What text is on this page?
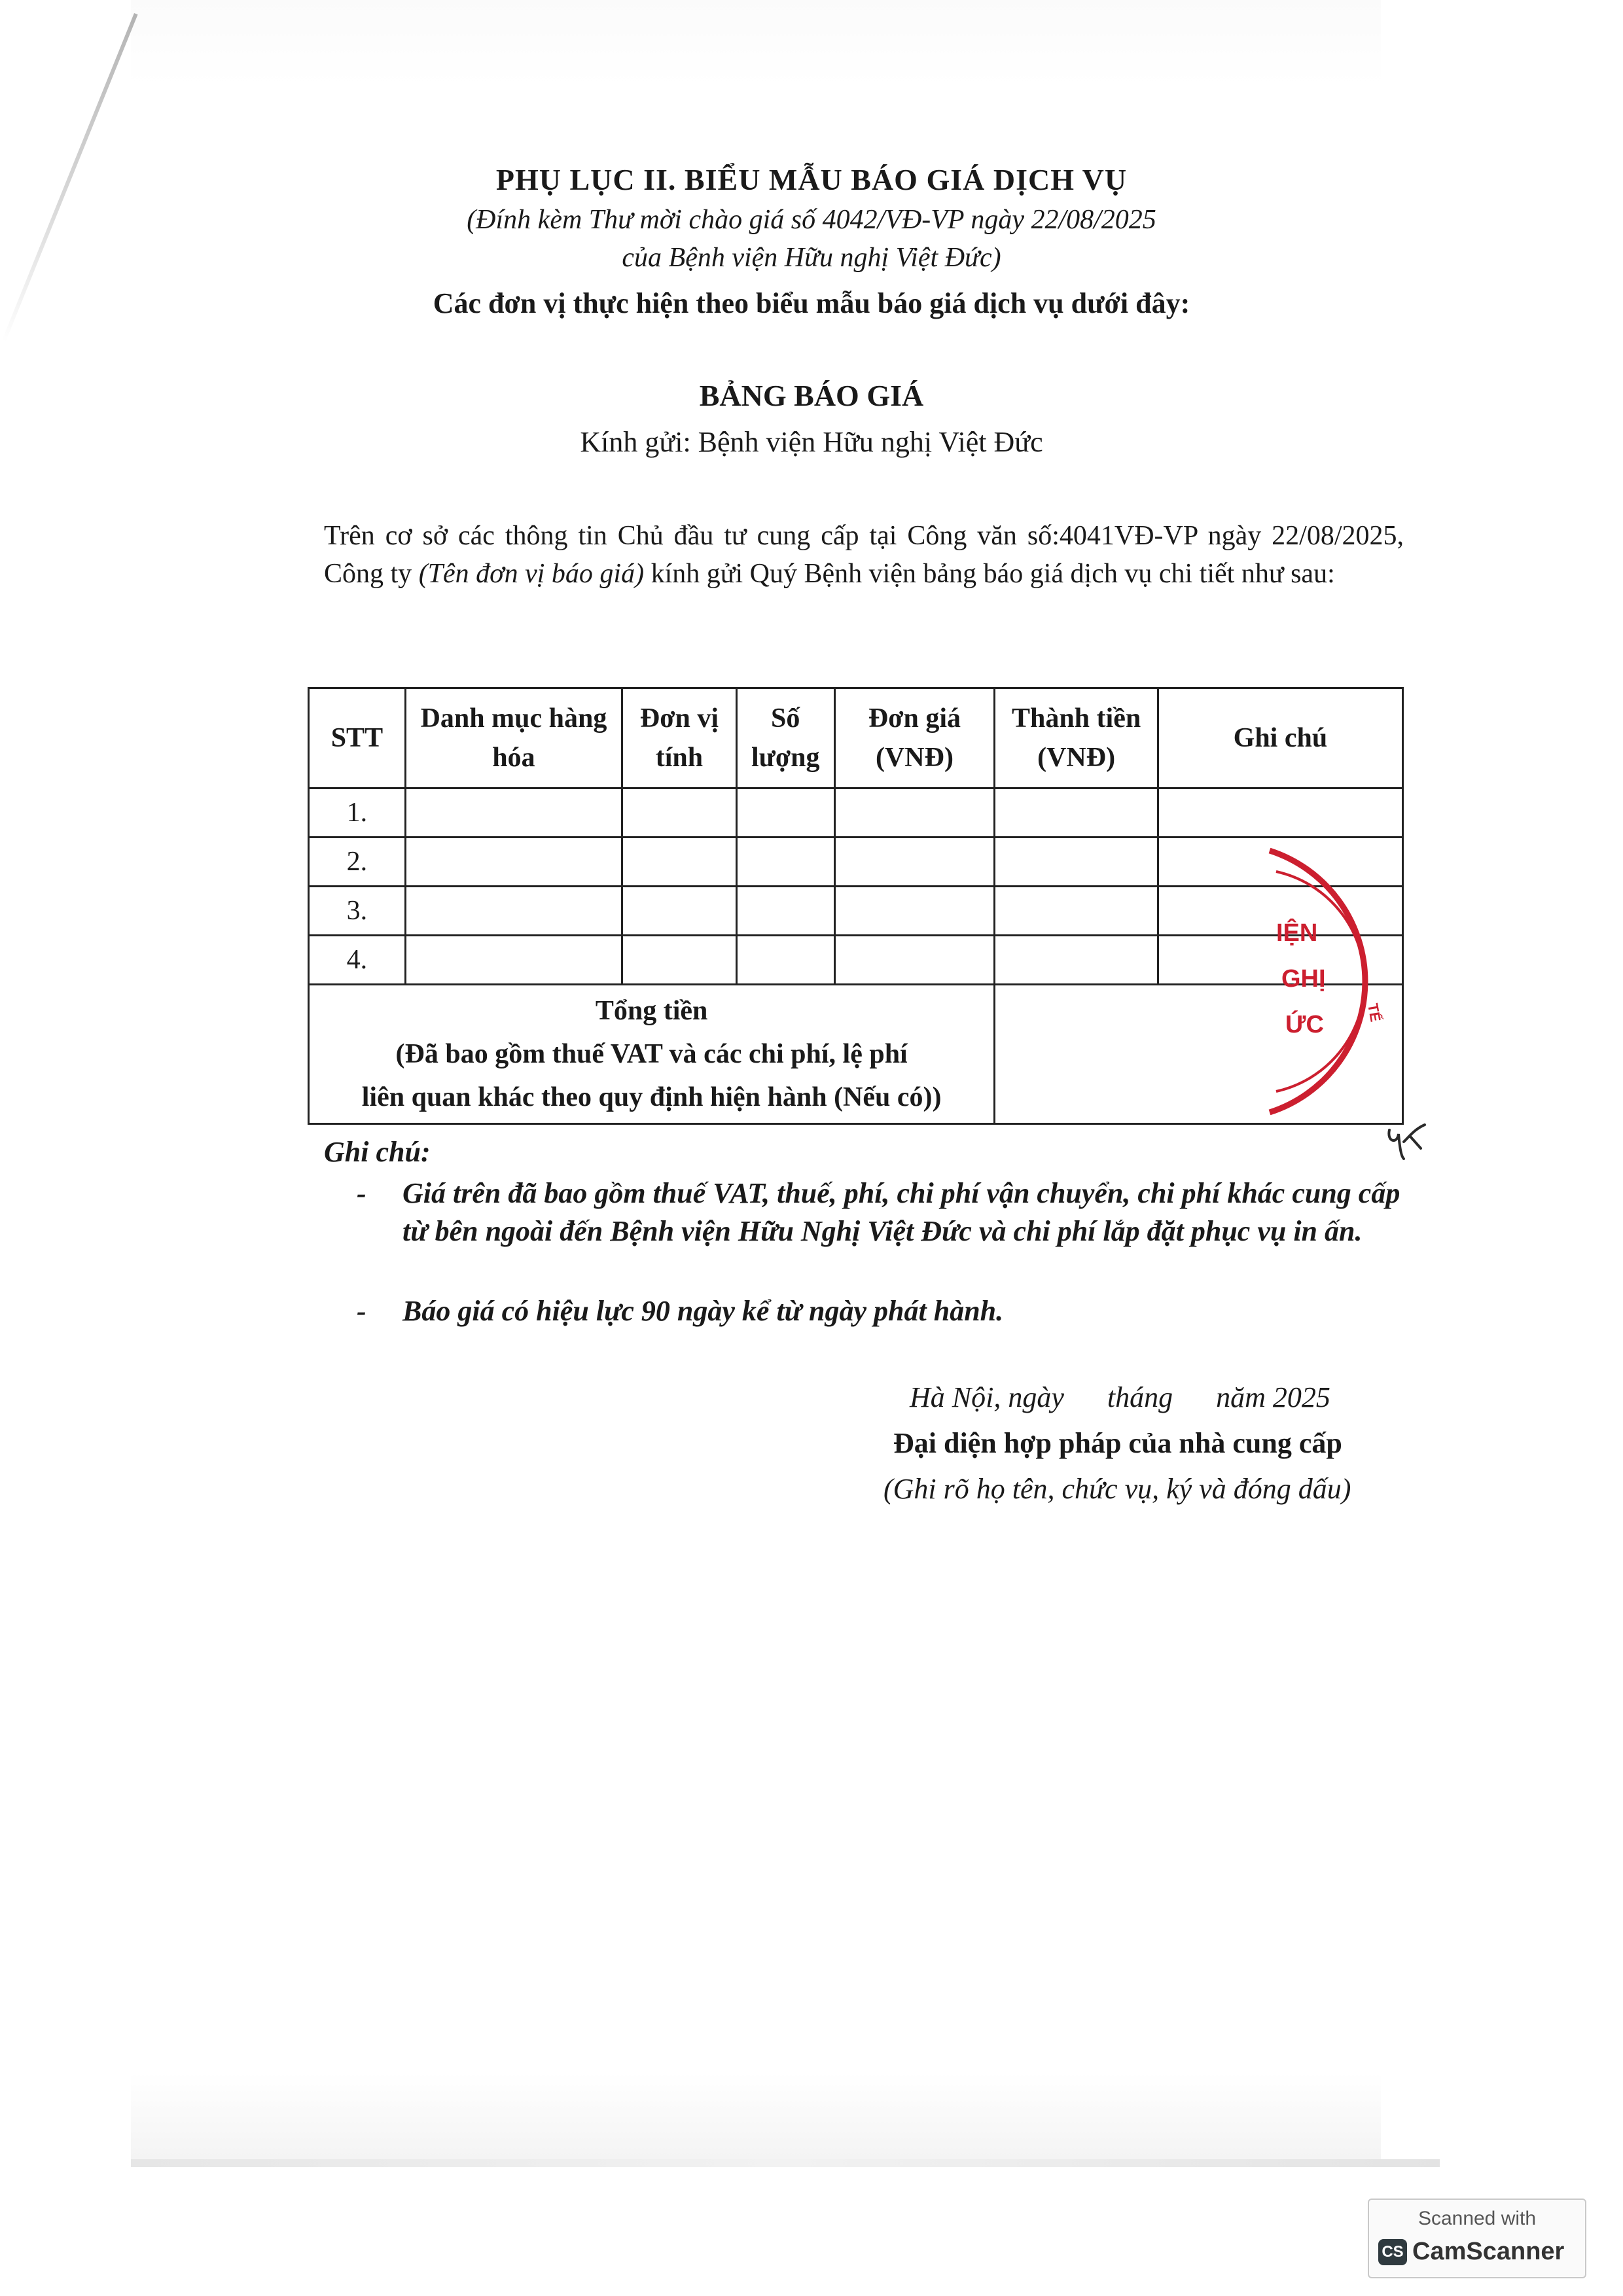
PHỤ LỤC II. BIỂU MẪU BÁO GIÁ DỊCH VỤ
(Đính kèm Thư mời chào giá số 4042/VĐ-VP ngày 22/08/2025
của Bệnh viện Hữu nghị Việt Đức)
Các đơn vị thực hiện theo biểu mẫu báo giá dịch vụ dưới đây:
BẢNG BÁO GIÁ
Kính gửi: Bệnh viện Hữu nghị Việt Đức
Trên cơ sở các thông tin Chủ đầu tư cung cấp tại Công văn số:4041VĐ-VP ngày 22/08/2025, Công ty (Tên đơn vị báo giá) kính gửi Quý Bệnh viện bảng báo giá dịch vụ chi tiết như sau:
STT	Danh mục hàng hóa	Đơn vị tính	Số lượng	Đơn giá (VNĐ)	Thành tiền (VNĐ)	Ghi chú
1.						
2.						
3.						
4.						

Tổng tiền
(Đã bao gồm thuế VAT và các chi phí, lệ phí
liên quan khác theo quy định hiện hành (Nếu có))						

IỆN
GHỊ
ỨC	TẾ
Ghi chú:
- Giá trên đã bao gồm thuế VAT, thuế, phí, chi phí vận chuyển, chi phí khác cung cấp từ bên ngoài đến Bệnh viện Hữu Nghị Việt Đức và chi phí lắp đặt phục vụ in ấn.
- Báo giá có hiệu lực 90 ngày kể từ ngày phát hành.
Hà Nội, ngày      tháng      năm 2025
Đại diện hợp pháp của nhà cung cấp
(Ghi rõ họ tên, chức vụ, ký và đóng dấu)
Scanned with
CS CamScanner
